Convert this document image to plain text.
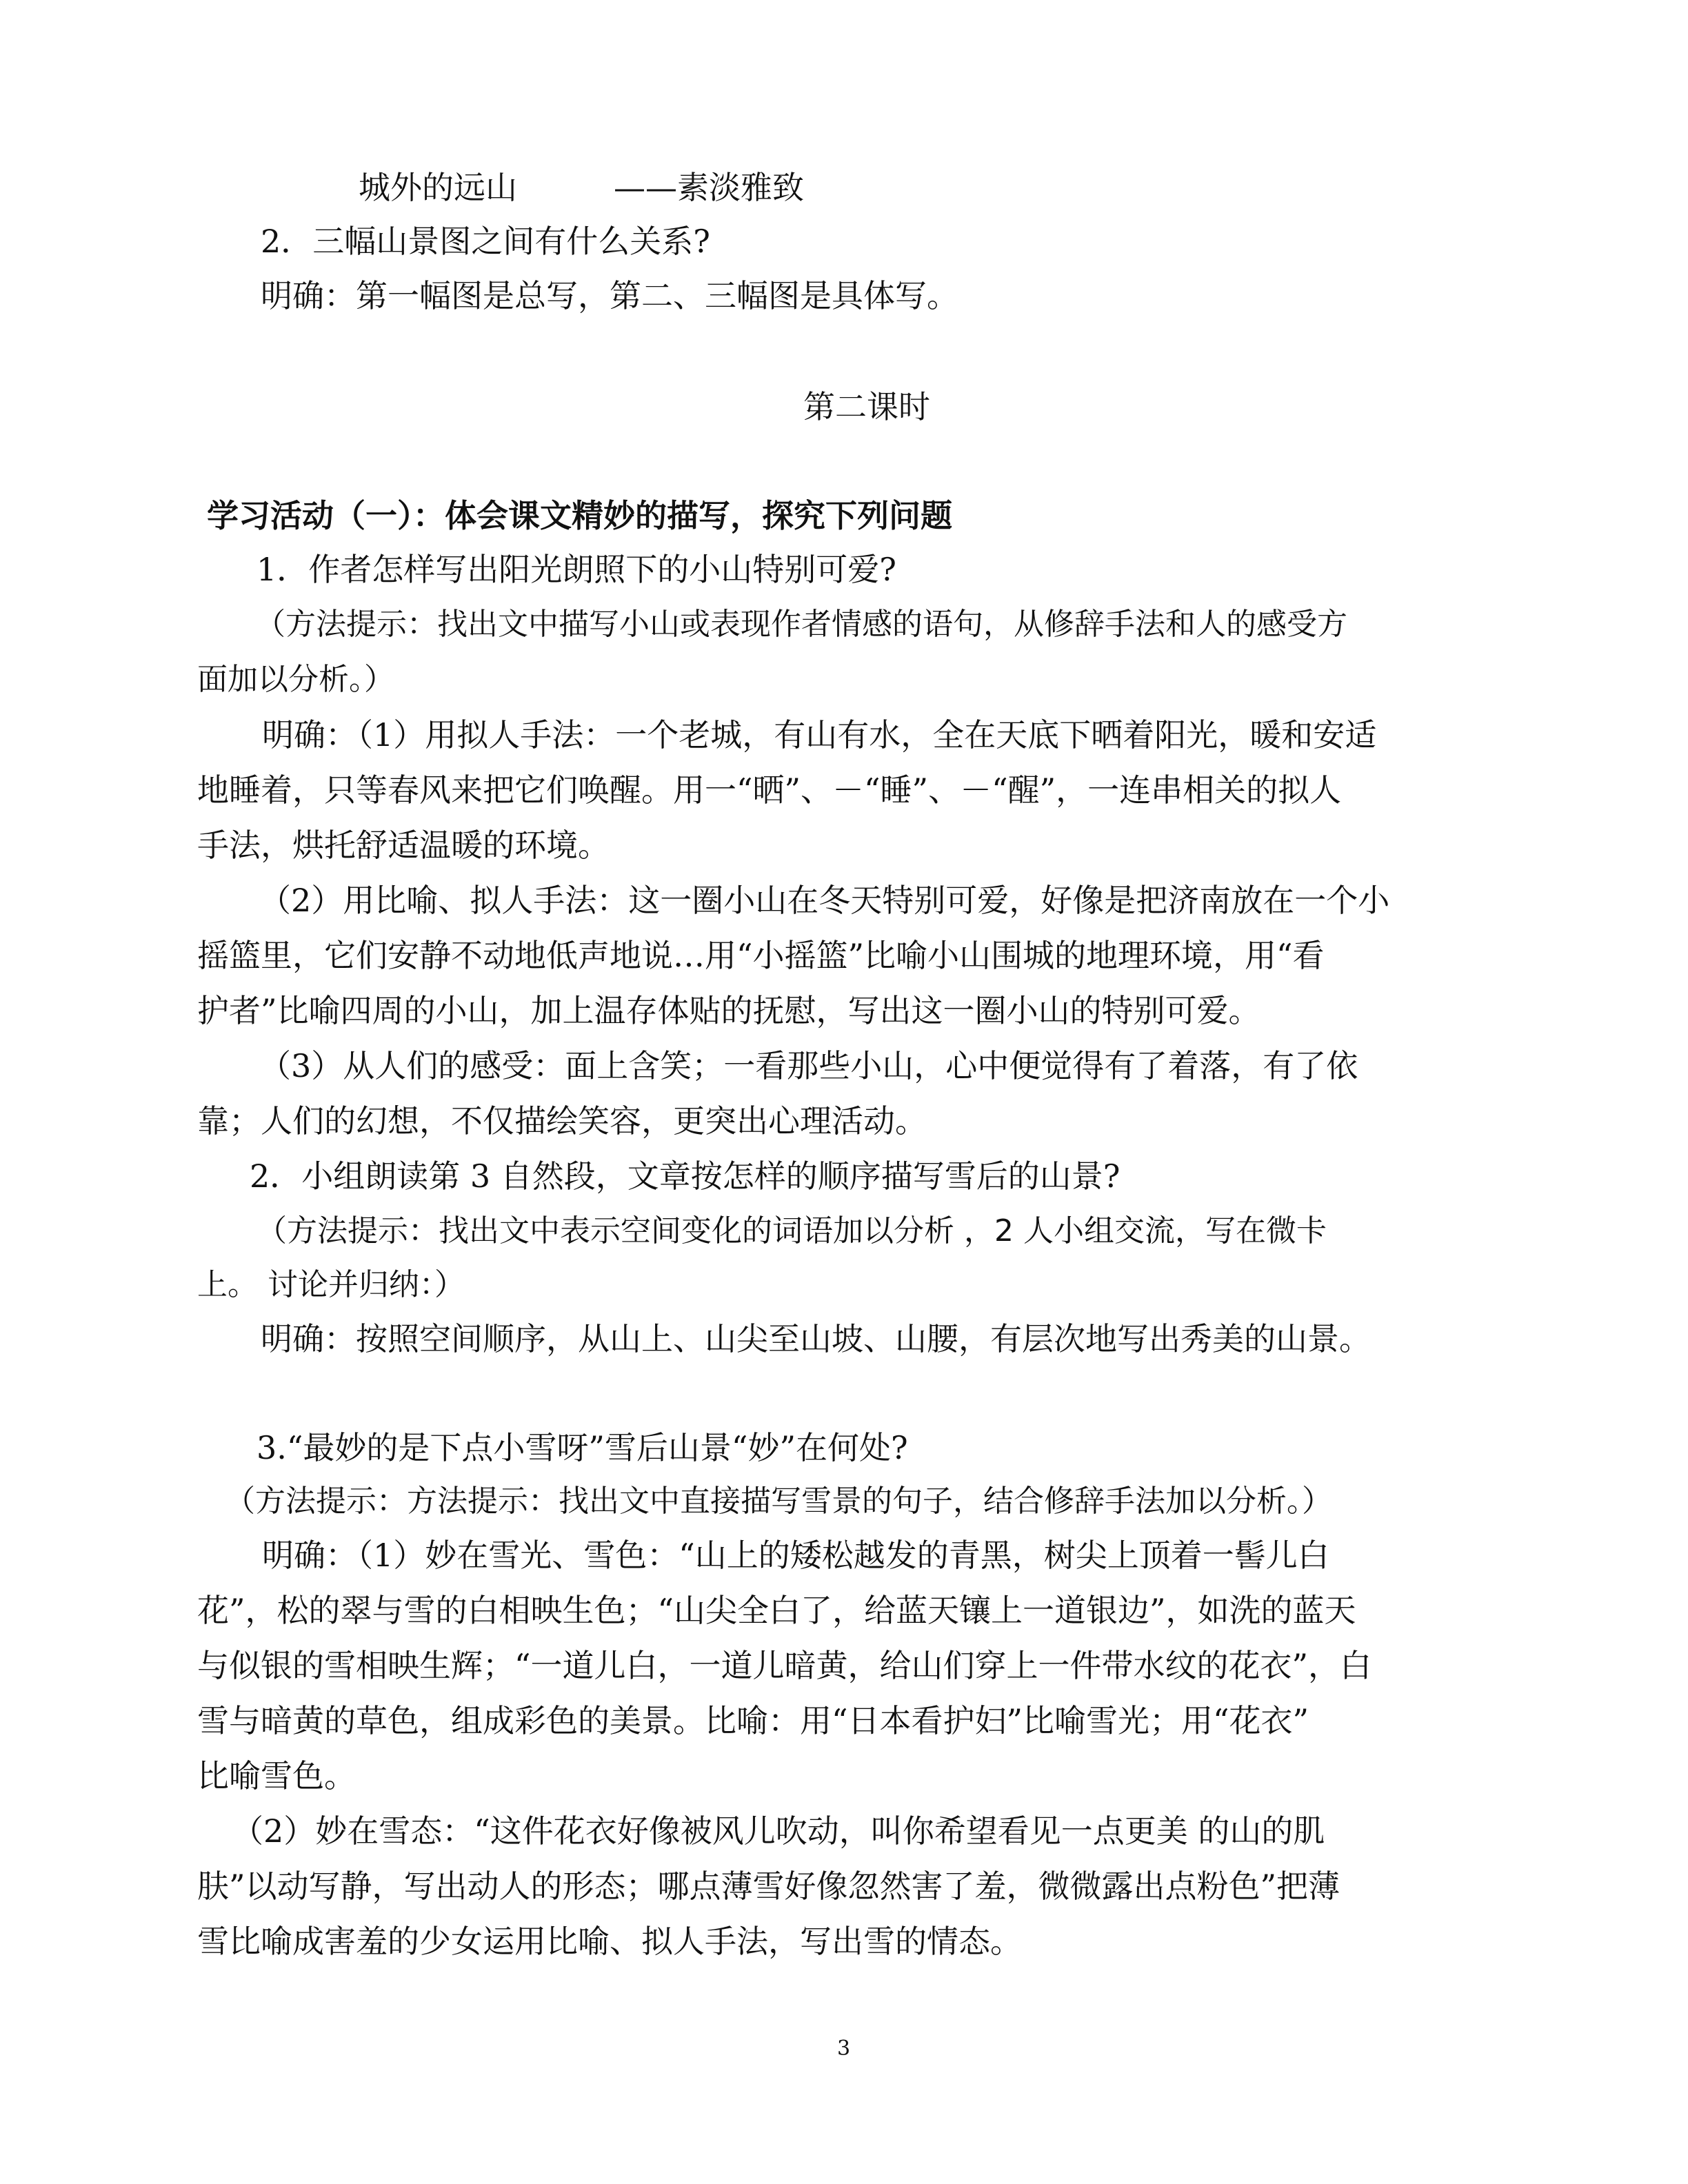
城外的远山	——素淡雅致
2．三幅山景图之间有什么关系?
明确：第一幅图是总写，第二、三幅图是具体写。
第二课时
学习活动（一）：体会课文精妙的描写，探究下列问题
1．作者怎样写出阳光朗照下的小山特别可爱?
（方法提示：找出文中描写小山或表现作者情感的语句，从修辞手法和人的感受方
面加以分析。）
明确：（1）用拟人手法：一个老城，有山有水，全在天底下晒着阳光，暖和安适
地睡着，只等春风来把它们唤醒。用一“晒”、－“睡”、－“醒”，一连串相关的拟人
手法，烘托舒适温暖的环境。
（2）用比喻、拟人手法：这一圈小山在冬天特别可爱，好像是把济南放在一个小
摇篮里，它们安静不动地低声地说…用“小摇篮”比喻小山围城的地理环境，用“看
护者”比喻四周的小山，加上温存体贴的抚慰，写出这一圈小山的特别可爱。
（3）从人们的感受：面上含笑；一看那些小山，心中便觉得有了着落，有了依
靠；人们的幻想，不仅描绘笑容，更突出心理活动。
2．小组朗读第 3 自然段，文章按怎样的顺序描写雪后的山景?
（方法提示：找出文中表示空间变化的词语加以分析 ，2 人小组交流，写在微卡
上。 讨论并归纳：）
明确：按照空间顺序，从山上、山尖至山坡、山腰，有层次地写出秀美的山景。
3.“最妙的是下点小雪呀”雪后山景“妙”在何处?
（方法提示：方法提示：找出文中直接描写雪景的句子，结合修辞手法加以分析。）
明确：（1）妙在雪光、雪色：“山上的矮松越发的青黑，树尖上顶着一髻儿白
花”，松的翠与雪的白相映生色；“山尖全白了，给蓝天镶上一道银边”，如洗的蓝天
与似银的雪相映生辉；“一道儿白，一道儿暗黄，给山们穿上一件带水纹的花衣”，白
雪与暗黄的草色，组成彩色的美景。比喻：用“日本看护妇”比喻雪光；用“花衣”
比喻雪色。
（2）妙在雪态：“这件花衣好像被风儿吹动，叫你希望看见一点更美 的山的肌
肤”以动写静，写出动人的形态；哪点薄雪好像忽然害了羞，微微露出点粉色”把薄
雪比喻成害羞的少女运用比喻、拟人手法，写出雪的情态。
3
